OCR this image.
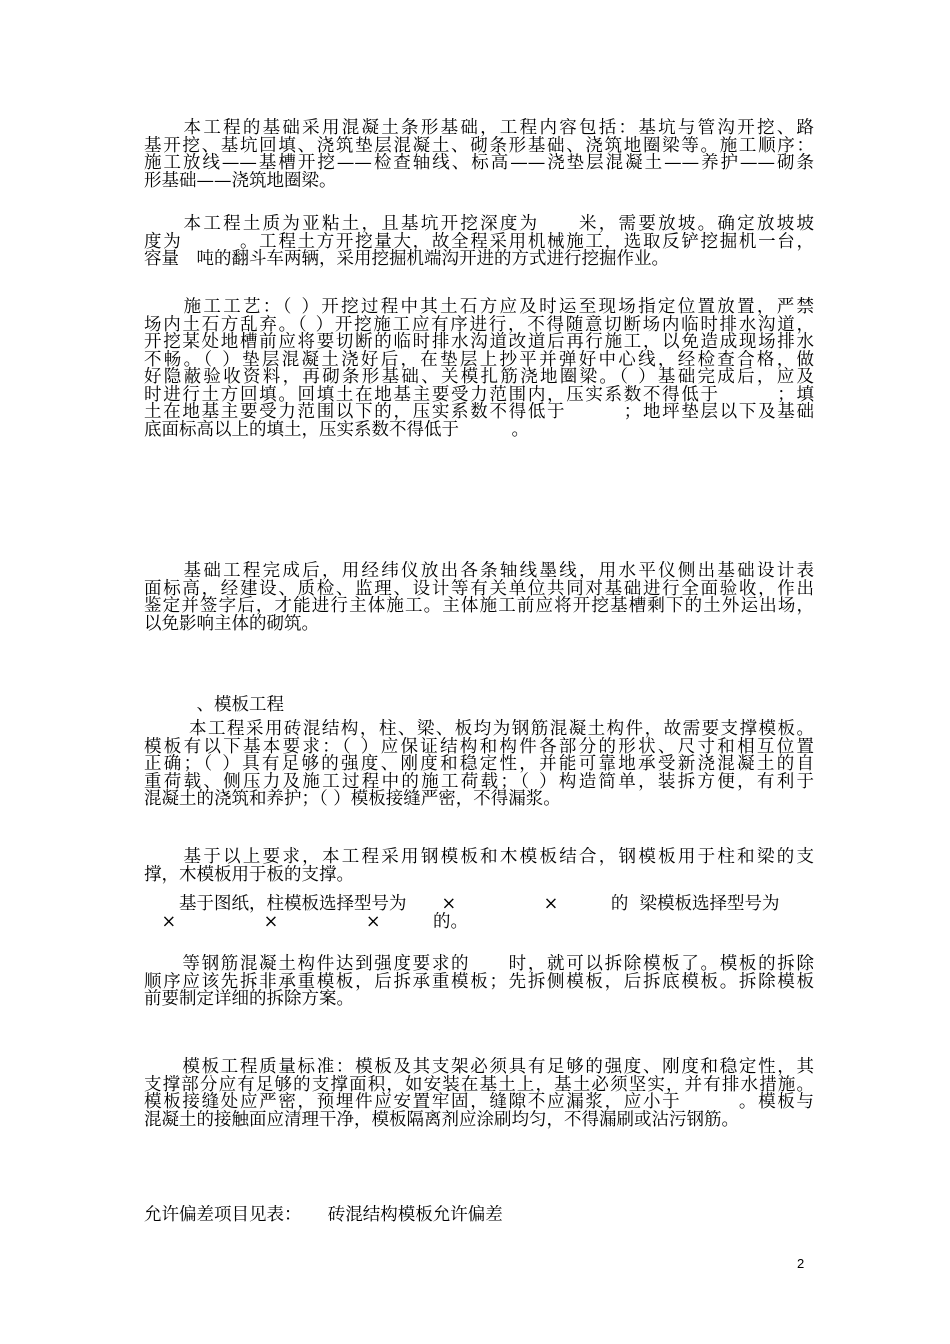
　　本工程的基础采用混凝土条形基础，工程内容包括：基坑与管沟开挖、路
基开挖、基坑回填、浇筑垫层混凝土、砌条形基础、浇筑地圈梁等。施工顺序：
施工放线——基槽开挖——检查轴线、标高——浇垫层混凝土——养护——砌条
形基础——浇筑地圈梁。
　　本工程土质为亚粘土，且基坑开挖深度为　　米，需要放坡。确定放坡坡
度为　　　。工程土方开挖量大，故全程采用机械施工，选取反铲挖掘机一台，
容量　吨的翻斗车两辆，采用挖掘机端沟开进的方式进行挖掘作业。
　　施工工艺：（ ）开挖过程中其土石方应及时运至现场指定位置放置，严禁
场内土石方乱弃。（ ）开挖施工应有序进行，不得随意切断场内临时排水沟道，
开挖某处地槽前应将要切断的临时排水沟道改道后再行施工，以免造成现场排水
不畅。（ ）垫层混凝土浇好后，在垫层上抄平并弹好中心线，经检查合格，做
好隐蔽验收资料，再砌条形基础、关模扎筋浇地圈梁。（ ）基础完成后，应及
时进行土方回填。回填土在地基主要受力范围内，压实系数不得低于　　　；填
土在地基主要受力范围以下的，压实系数不得低于　　　；地坪垫层以下及基础
底面标高以上的填土，压实系数不得低于　　　。
　　基础工程完成后，用经纬仪放出各条轴线墨线，用水平仪侧出基础设计表
面标高，经建设、质检、监理、设计等有关单位共同对基础进行全面验收，作出
鉴定并签字后，才能进行主体施工。主体施工前应将开挖基槽剩下的土外运出场，
以免影响主体的砌筑。
　　　、模板工程
　　 本工程采用砖混结构，柱、梁、板均为钢筋混凝土构件，故需要支撑模板。
模板有以下基本要求：（ ）应保证结构和构件各部分的形状、尺寸和相互位置
正确；（ ）具有足够的强度、刚度和稳定性，并能可靠地承受新浇混凝土的自
重荷载、侧压力及施工过程中的施工荷载；（ ）构造简单，装拆方便，有利于
混凝土的浇筑和养护；（ ）模板接缝严密，不得漏浆。
　　基于以上要求，本工程采用钢模板和木模板结合，钢模板用于柱和梁的支
撑，木模板用于板的支撑。
　　基于图纸，柱模板选择型号为　　×　　　　　×　　　的  梁模板选择型号为
　×　　　　　×　　　　　×　　　的。
　　等钢筋混凝土构件达到强度要求的　　时，就可以拆除模板了。模板的拆除
顺序应该先拆非承重模板，后拆承重模板；先拆侧模板，后拆底模板。拆除模板
前要制定详细的拆除方案。
　　模板工程质量标准：模板及其支架必须具有足够的强度、刚度和稳定性，其
支撑部分应有足够的支撑面积，如安装在基土上，基土必须坚实，并有排水措施。
模板接缝处应严密，预埋件应安置牢固，缝隙不应漏浆，应小于　　　。模板与
混凝土的接触面应清理干净，模板隔离剂应涂刷均匀，不得漏刷或沾污钢筋。
允许偏差项目见表：　　砖混结构模板允许偏差
2
